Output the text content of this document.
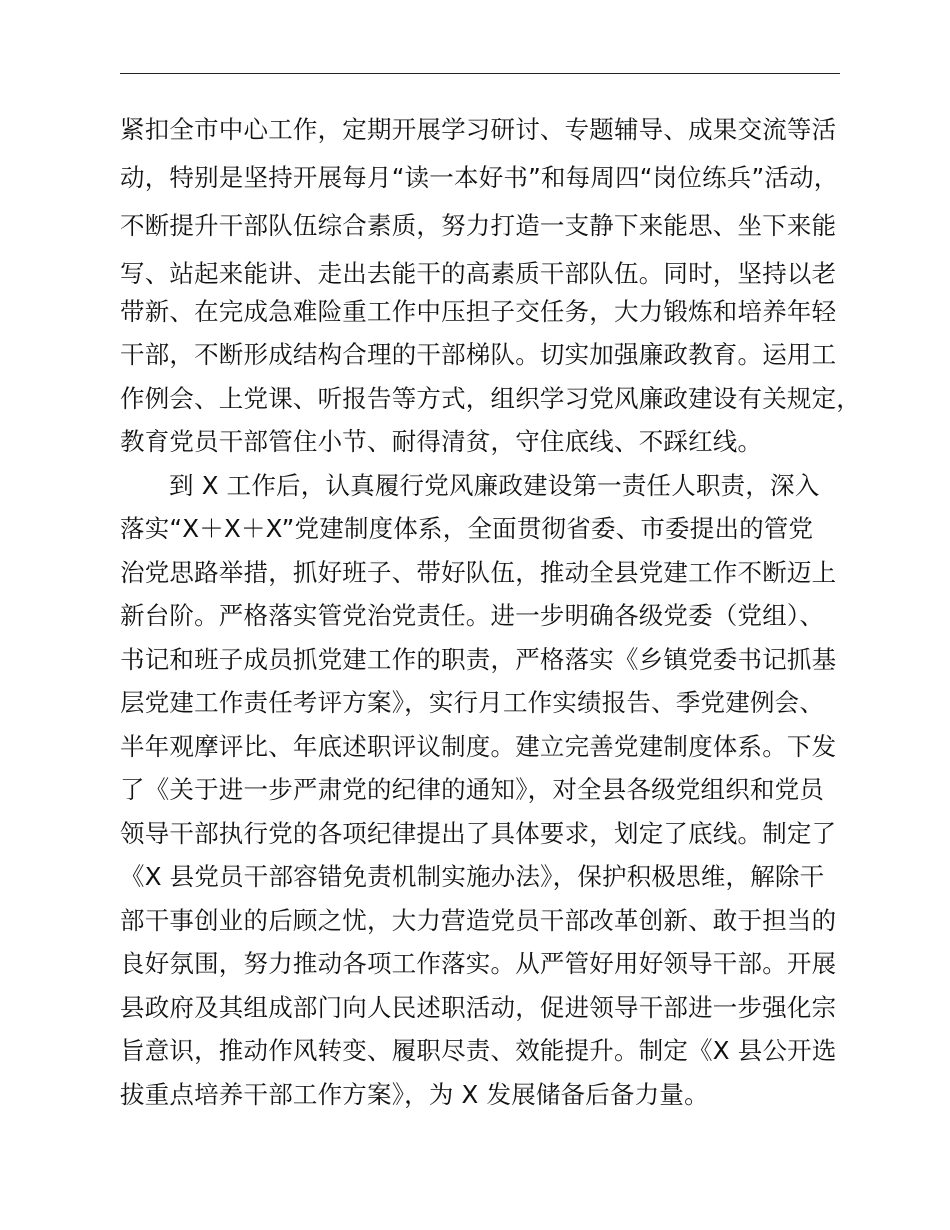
紧扣全市中心工作，定期开展学习研讨、专题辅导、成果交流等活
动，特别是坚持开展每月“读一本好书”和每周四“岗位练兵”活动，
不断提升干部队伍综合素质，努力打造一支静下来能思、坐下来能
写、站起来能讲、走出去能干的高素质干部队伍。同时，坚持以老
带新、在完成急难险重工作中压担子交任务，大力锻炼和培养年轻
干部，不断形成结构合理的干部梯队。切实加强廉政教育。运用工
作例会、上党课、听报告等方式，组织学习党风廉政建设有关规定，
教育党员干部管住小节、耐得清贫，守住底线、不踩红线。
到 X 工作后，认真履行党风廉政建设第一责任人职责，深入
落实“X＋X＋X”党建制度体系，全面贯彻省委、市委提出的管党
治党思路举措，抓好班子、带好队伍，推动全县党建工作不断迈上
新台阶。严格落实管党治党责任。进一步明确各级党委（党组）、
书记和班子成员抓党建工作的职责，严格落实《乡镇党委书记抓基
层党建工作责任考评方案》，实行月工作实绩报告、季党建例会、
半年观摩评比、年底述职评议制度。建立完善党建制度体系。下发
了《关于进一步严肃党的纪律的通知》，对全县各级党组织和党员
领导干部执行党的各项纪律提出了具体要求，划定了底线。制定了
《X 县党员干部容错免责机制实施办法》，保护积极思维，解除干
部干事创业的后顾之忧，大力营造党员干部改革创新、敢于担当的
良好氛围，努力推动各项工作落实。从严管好用好领导干部。开展
县政府及其组成部门向人民述职活动，促进领导干部进一步强化宗
旨意识，推动作风转变、履职尽责、效能提升。制定《X 县公开选
拔重点培养干部工作方案》，为 X 发展储备后备力量。
